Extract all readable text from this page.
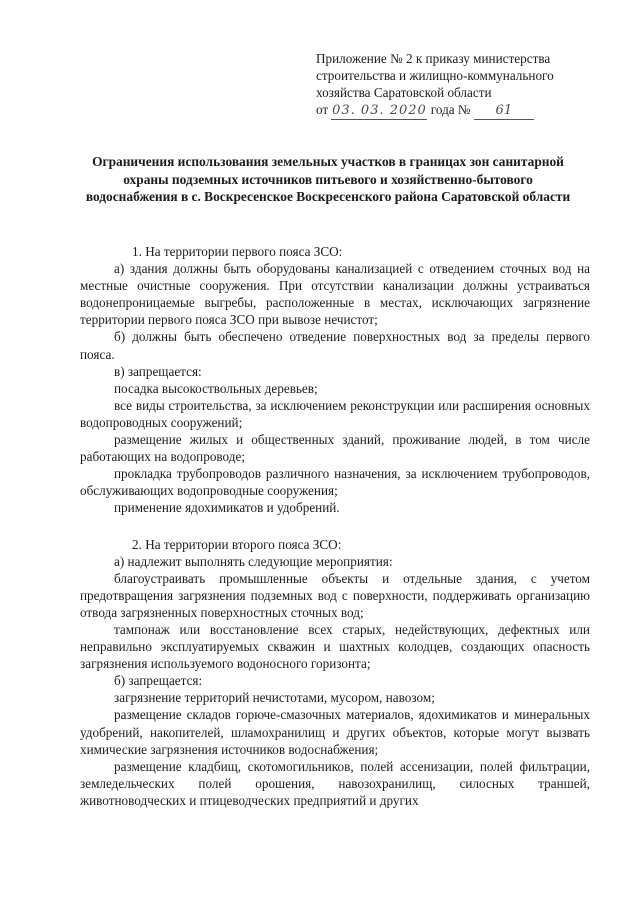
Приложение № 2 к приказу министерства
строительства и жилищно-коммунального
хозяйства Саратовской области
от 03. 03. 2020 года № 61
Ограничения использования земельных участков в границах зон санитарной охраны подземных источников питьевого и хозяйственно-бытового водоснабжения в с. Воскресенское Воскресенского района Саратовской области

1. На территории первого пояса ЗСО:

а) здания должны быть оборудованы канализацией с отведением сточных вод на местные очистные сооружения. При отсутствии канализации должны устраиваться водонепроницаемые выгребы, расположенные в местах, исключающих загрязнение территории первого пояса ЗСО при вывозе нечистот;

б) должны быть обеспечено отведение поверхностных вод за пределы первого пояса.

в) запрещается:

посадка высокоствольных деревьев;

все виды строительства, за исключением реконструкции или расширения основных водопроводных сооружений;

размещение жилых и общественных зданий, проживание людей, в том числе работающих на водопроводе;

прокладка трубопроводов различного назначения, за исключением трубопроводов, обслуживающих водопроводные сооружения;

применение ядохимикатов и удобрений.

2. На территории второго пояса ЗСО:

а) надлежит выполнять следующие мероприятия:

благоустраивать промышленные объекты и отдельные здания, с учетом предотвращения загрязнения подземных вод с поверхности, поддерживать организацию отвода загрязненных поверхностных сточных вод;

тампонаж или восстановление всех старых, недействующих, дефектных или неправильно эксплуатируемых скважин и шахтных колодцев, создающих опасность загрязнения используемого водоносного горизонта;

б) запрещается:

загрязнение территорий нечистотами, мусором, навозом;

размещение складов горюче-смазочных материалов, ядохимикатов и минеральных удобрений, накопителей, шламохранилищ и других объектов, которые могут вызвать химические загрязнения источников водоснабжения;

размещение кладбищ, скотомогильников, полей ассенизации, полей фильтрации, земледельческих полей орошения, навозохранилищ, силосных траншей, животноводческих и птицеводческих предприятий и других
